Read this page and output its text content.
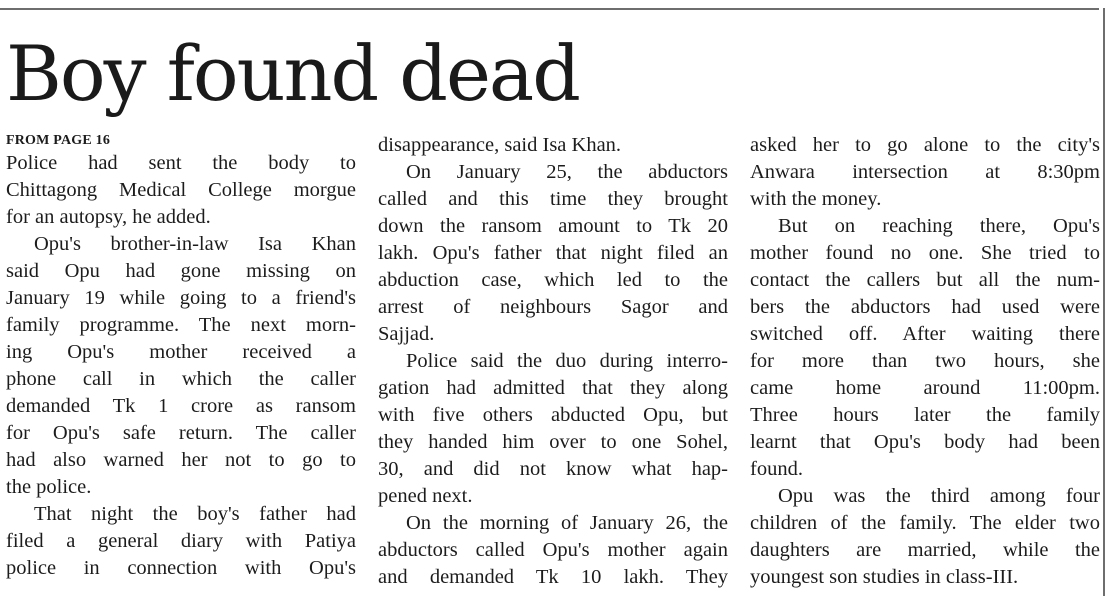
Boy found dead
FROM PAGE 16
Police had sent the body to
Chittagong Medical College morgue
for an autopsy, he added.
Opu's brother-in-law Isa Khan
said Opu had gone missing on
January 19 while going to a friend's
family programme. The next morn-
ing Opu's mother received a
phone call in which the caller
demanded Tk 1 crore as ransom
for Opu's safe return. The caller
had also warned her not to go to
the police.
That night the boy's father had
filed a general diary with Patiya
police in connection with Opu's
disappearance, said Isa Khan.
On January 25, the abductors
called and this time they brought
down the ransom amount to Tk 20
lakh. Opu's father that night filed an
abduction case, which led to the
arrest of neighbours Sagor and
Sajjad.
Police said the duo during interro-
gation had admitted that they along
with five others abducted Opu, but
they handed him over to one Sohel,
30, and did not know what hap-
pened next.
On the morning of January 26, the
abductors called Opu's mother again
and demanded Tk 10 lakh. They
asked her to go alone to the city's
Anwara intersection at 8:30pm
with the money.
But on reaching there, Opu's
mother found no one. She tried to
contact the callers but all the num-
bers the abductors had used were
switched off. After waiting there
for more than two hours, she
came home around 11:00pm.
Three hours later the family
learnt that Opu's body had been
found.
Opu was the third among four
children of the family. The elder two
daughters are married, while the
youngest son studies in class-III.
